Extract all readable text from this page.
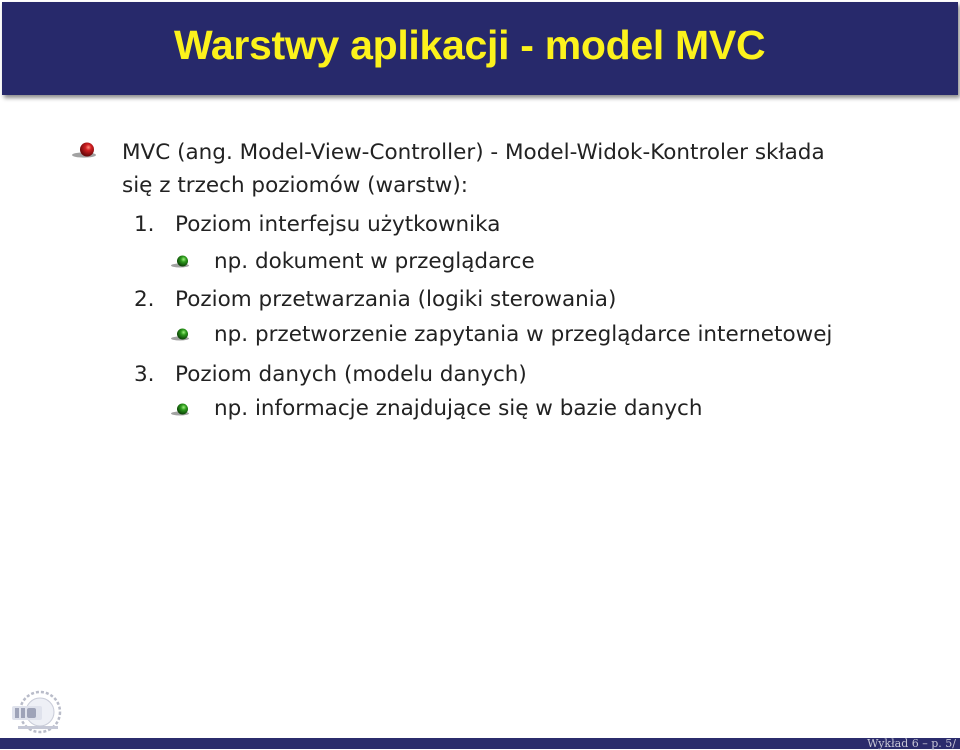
Warstwy aplikacji - model MVC
MVC (ang. Model-View-Controller) - Model-Widok-Kontroler składa
się z trzech poziomów (warstw):
1. Poziom interfejsu użytkownika
np. dokument w przeglądarce
2. Poziom przetwarzania (logiki sterowania)
np. przetworzenie zapytania w przeglądarce internetowej
3. Poziom danych (modelu danych)
np. informacje znajdujące się w bazie danych
Wykład 6 – p. 5/
